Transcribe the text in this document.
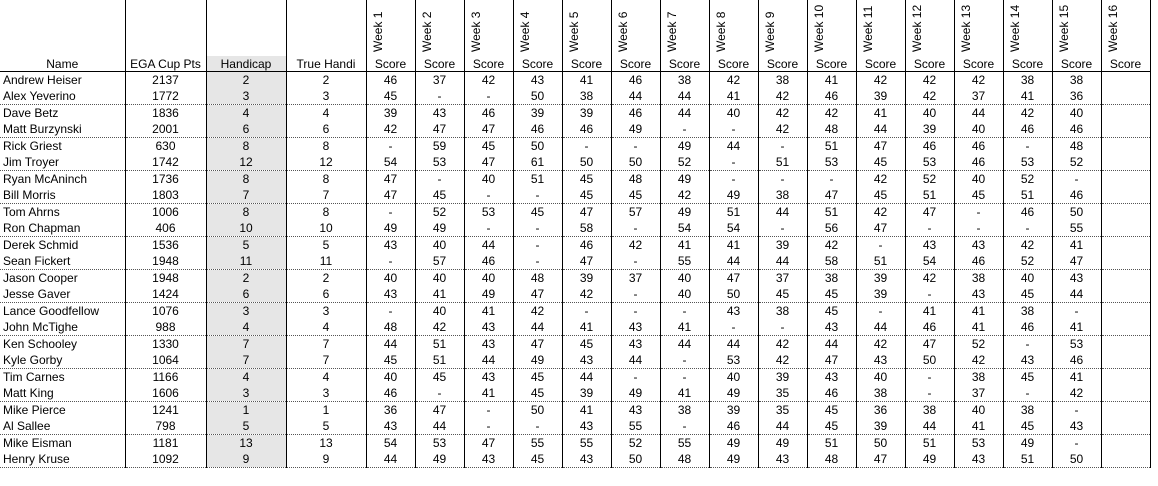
				Week 1	Week 2	Week 3	Week 4	Week 5	Week 6	Week 7	Week 8	Week 9	Week 10	Week 11	Week 12	Week 13	Week 14	Week 15	Week 16

Name	EGA Cup Pts	Handicap	True Handi	Score	Score	Score	Score	Score	Score	Score	Score	Score	Score	Score	Score	Score	Score	Score	Score
Andrew Heiser	2137	2	2	46	37	42	43	41	46	38	42	38	41	42	42	42	38	38	
Alex Yeverino	1772	3	3	45	-	-	50	38	44	44	41	42	46	39	42	37	41	36	
Dave Betz	1836	4	4	39	43	46	39	39	46	44	40	42	42	41	40	44	42	40	
Matt Burzynski	2001	6	6	42	47	47	46	46	49	-	-	42	48	44	39	40	46	46	
Rick Griest	630	8	8	-	59	45	50	-	-	49	44	-	51	47	46	46	-	48	
Jim Troyer	1742	12	12	54	53	47	61	50	50	52	-	51	53	45	53	46	53	52	
Ryan McAninch	1736	8	8	47	-	40	51	45	48	49	-	-	-	42	52	40	52	-	
Bill Morris	1803	7	7	47	45	-	-	45	45	42	49	38	47	45	51	45	51	46	
Tom Ahrns	1006	8	8	-	52	53	45	47	57	49	51	44	51	42	47	-	46	50	
Ron Chapman	406	10	10	49	49	-	-	58	-	54	54	-	56	47	-	-	-	55	
Derek Schmid	1536	5	5	43	40	44	-	46	42	41	41	39	42	-	43	43	42	41	
Sean Fickert	1948	11	11	-	57	46	-	47	-	55	44	44	58	51	54	46	52	47	
Jason Cooper	1948	2	2	40	40	40	48	39	37	40	47	37	38	39	42	38	40	43	
Jesse Gaver	1424	6	6	43	41	49	47	42	-	40	50	45	45	39	-	43	45	44	
Lance Goodfellow	1076	3	3	-	40	41	42	-	-	-	43	38	45	-	41	41	38	-	
John McTighe	988	4	4	48	42	43	44	41	43	41	-	-	43	44	46	41	46	41	
Ken Schooley	1330	7	7	44	51	43	47	45	43	44	44	42	44	42	47	52	-	53	
Kyle Gorby	1064	7	7	45	51	44	49	43	44	-	53	42	47	43	50	42	43	46	
Tim Carnes	1166	4	4	40	45	43	45	44	-	-	40	39	43	40	-	38	45	41	
Matt King	1606	3	3	46	-	41	45	39	49	41	49	35	46	38	-	37	-	42	
Mike Pierce	1241	1	1	36	47	-	50	41	43	38	39	35	45	36	38	40	38	-	
Al Sallee	798	5	5	43	44	-	-	43	55	-	46	44	45	39	44	41	45	43	
Mike Eisman	1181	13	13	54	53	47	55	55	52	55	49	49	51	50	51	53	49	-	
Henry Kruse	1092	9	9	44	49	43	45	43	50	48	49	43	48	47	49	43	51	50	
